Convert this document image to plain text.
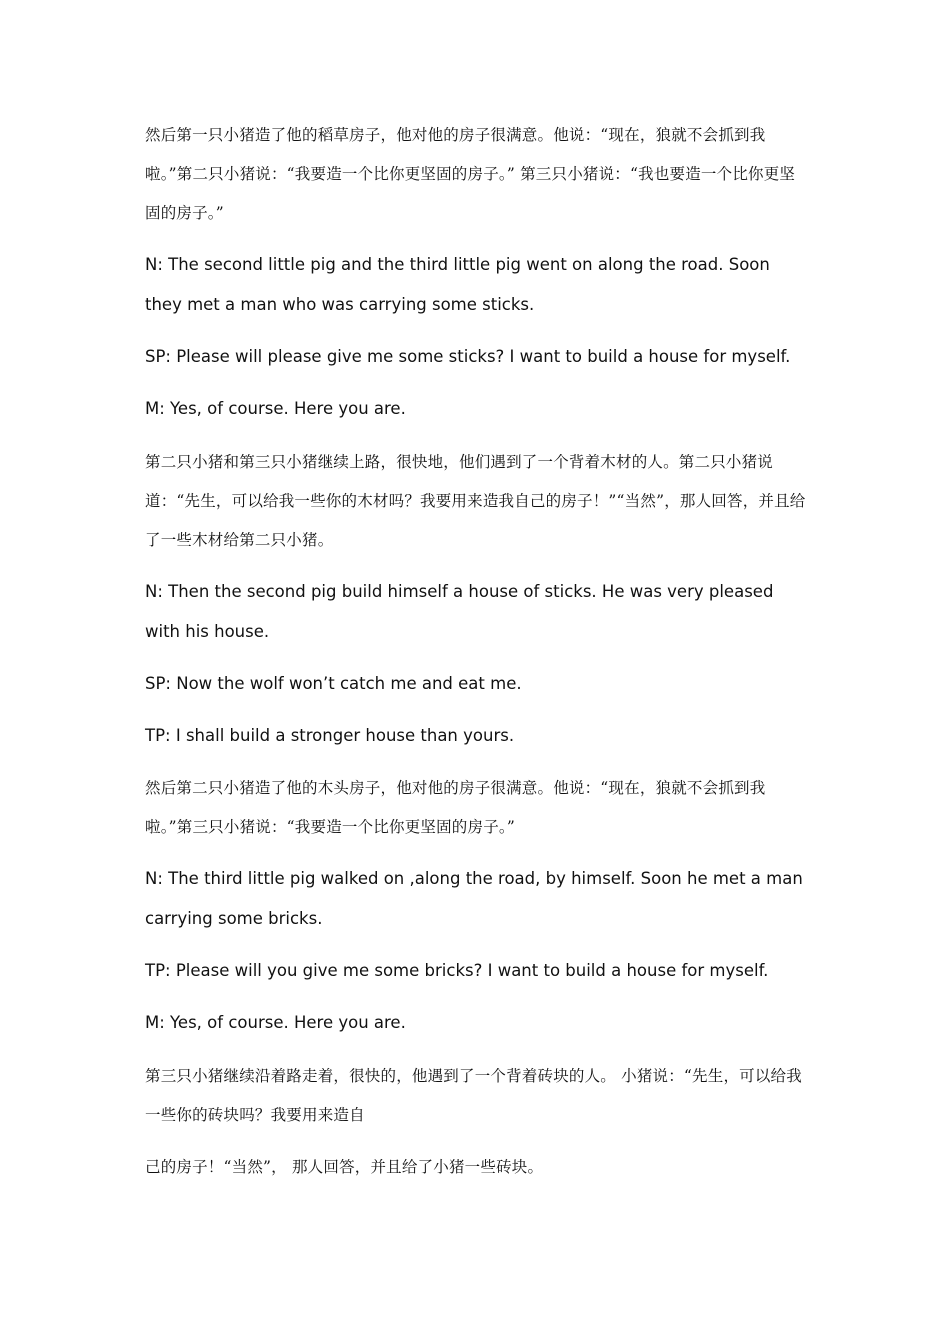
然后第一只小猪造了他的稻草房子，他对他的房子很满意。他说：“现在，狼就不会抓到我啦。”第二只小猪说：“我要造一个比你更坚固的房子。” 第三只小猪说：“我也要造一个比你更坚固的房子。”

N: The second little pig and the third little pig went on along the road. Soon they met a man who was carrying some sticks.

SP: Please will please give me some sticks? I want to build a house for myself.

M: Yes, of course. Here you are.

第二只小猪和第三只小猪继续上路，很快地，他们遇到了一个背着木材的人。第二只小猪说道：“先生，可以给我一些你的木材吗？我要用来造我自己的房子！”“当然”，那人回答，并且给了一些木材给第二只小猪。

N: Then the second pig build himself a house of sticks. He was very pleased with his house.

SP: Now the wolf won’t catch me and eat me.

TP: I shall build a stronger house than yours.

然后第二只小猪造了他的木头房子，他对他的房子很满意。他说：“现在，狼就不会抓到我啦。”第三只小猪说：“我要造一个比你更坚固的房子。”

N: The third little pig walked on ,along the road, by himself. Soon he met a man carrying some bricks.

TP: Please will you give me some bricks? I want to build a house for myself.

M: Yes, of course. Here you are.

第三只小猪继续沿着路走着，很快的，他遇到了一个背着砖块的人。 小猪说：“先生，可以给我一些你的砖块吗？我要用来造自

己的房子！“当然”， 那人回答，并且给了小猪一些砖块。
